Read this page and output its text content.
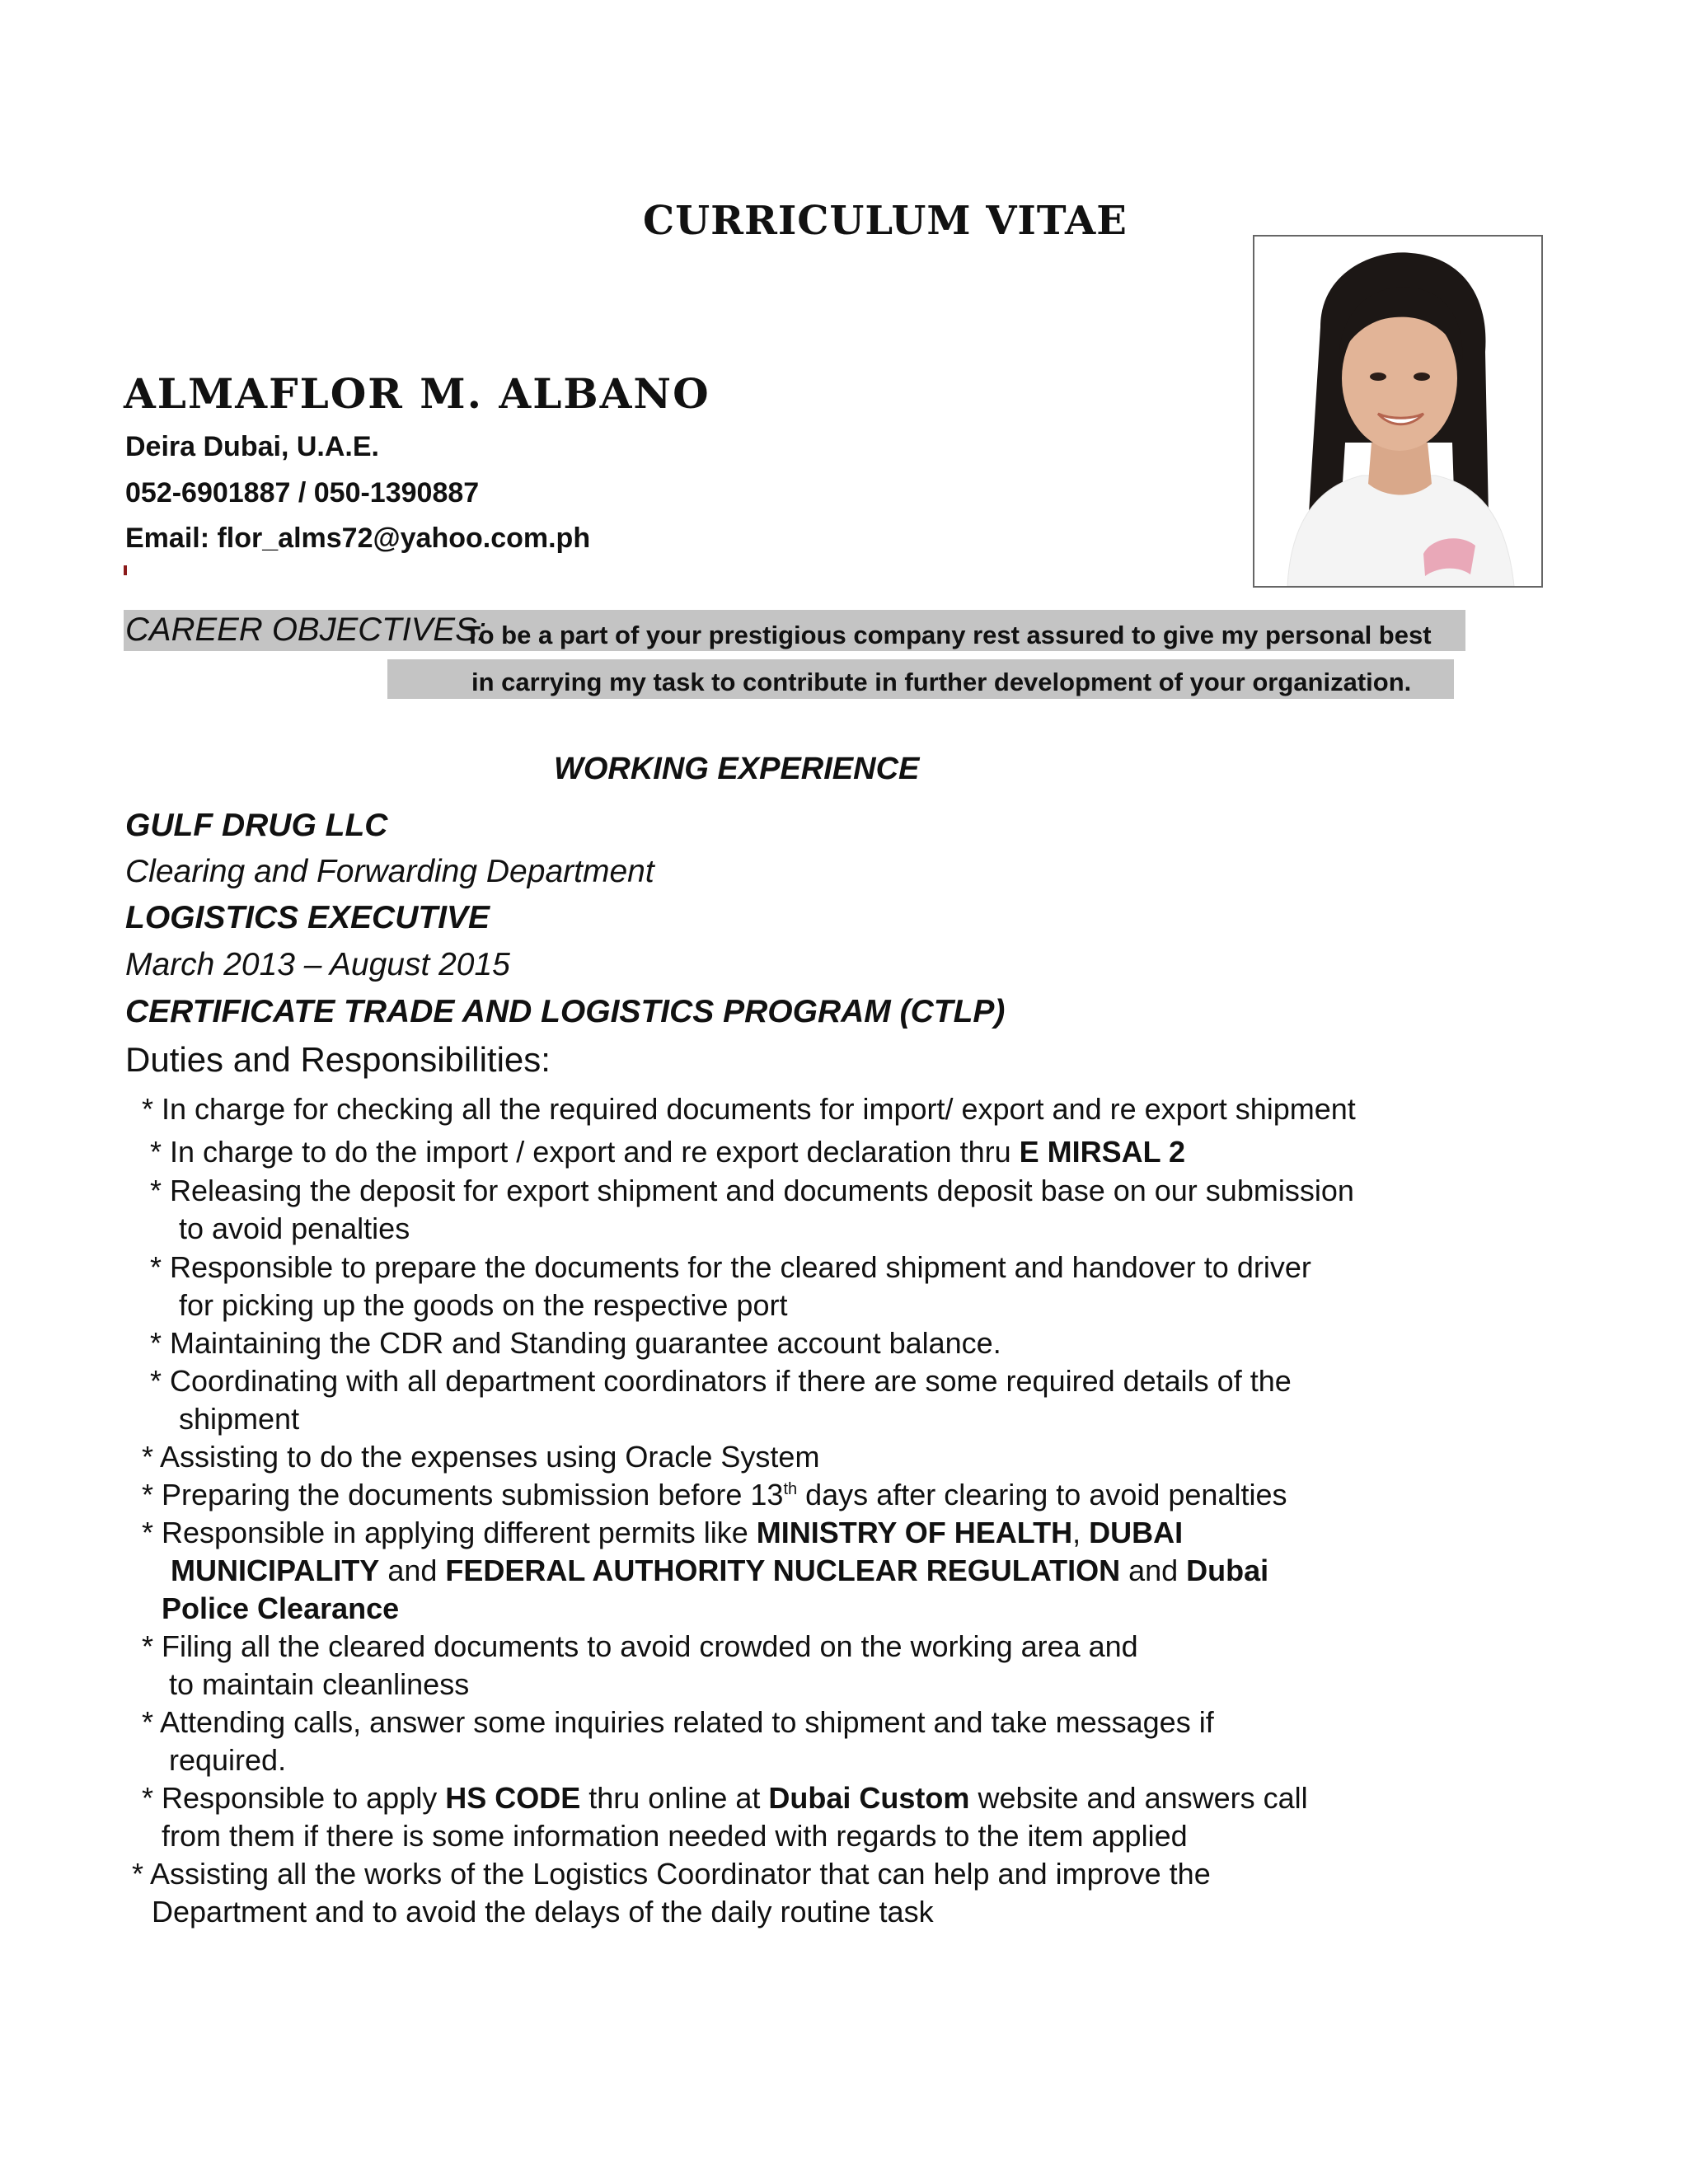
CURRICULUM VITAE
ALMAFLOR M. ALBANO
Deira Dubai, U.A.E.
052-6901887 / 050-1390887
Email: flor_alms72@yahoo.com.ph
CAREER OBJECTIVES:
To be a part of your prestigious company rest assured to give my personal best
in carrying my task to contribute in further development of your organization.
WORKING EXPERIENCE
GULF DRUG LLC
Clearing and Forwarding Department
LOGISTICS EXECUTIVE
March 2013 – August 2015
CERTIFICATE TRADE AND LOGISTICS PROGRAM (CTLP)
Duties and Responsibilities:
* In charge for checking all the required documents for import/ export and re export shipment
* In charge to do the import / export and re export declaration thru E MIRSAL 2
* Releasing the deposit for export shipment and documents deposit base on our submission
to avoid penalties
* Responsible to prepare the documents for the cleared shipment and handover to driver
for picking up the goods on the respective port
* Maintaining the CDR and Standing guarantee account balance.
* Coordinating with all department coordinators if there are some required details of the
shipment
* Assisting to do the expenses using Oracle System
* Preparing the documents submission before 13th days after clearing to avoid penalties
* Responsible in applying different permits like MINISTRY OF HEALTH, DUBAI
MUNICIPALITY and FEDERAL AUTHORITY NUCLEAR REGULATION and Dubai
Police Clearance
* Filing all the cleared documents to avoid crowded on the working area and
to maintain cleanliness
* Attending calls, answer some inquiries related to shipment and take messages if
required.
* Responsible to apply HS CODE thru online at Dubai Custom website and answers call
from them if there is some information needed with regards to the item applied
* Assisting all the works of the Logistics Coordinator that can help and improve the
Department and to avoid the delays of the daily routine task
